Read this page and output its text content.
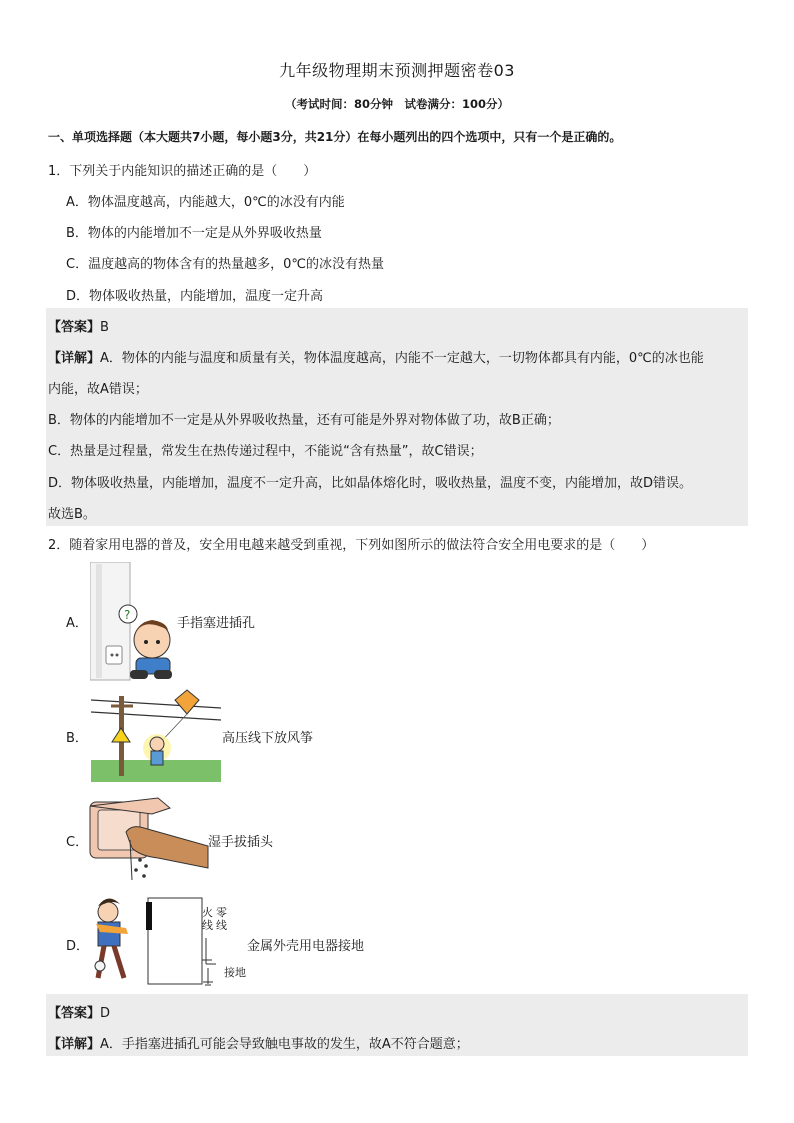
九年级物理期末预测押题密卷03
（考试时间：80分钟　试卷满分：100分）
一、单项选择题（本大题共7小题，每小题3分，共21分）在每小题列出的四个选项中，只有一个是正确的。
1．下列关于内能知识的描述正确的是（　　）
A．物体温度越高，内能越大，0℃的冰没有内能
B．物体的内能增加不一定是从外界吸收热量
C．温度越高的物体含有的热量越多，0℃的冰没有热量
D．物体吸收热量，内能增加，温度一定升高
【答案】B
【详解】A．物体的内能与温度和质量有关，物体温度越高，内能不一定越大，一切物体都具有内能，0℃的冰也能
内能，故A错误；
B．物体的内能增加不一定是从外界吸收热量，还有可能是外界对物体做了功，故B正确；
C．热量是过程量，常发生在热传递过程中，不能说“含有热量”，故C错误；
D．物体吸收热量，内能增加，温度不一定升高，比如晶体熔化时，吸收热量，温度不变，内能增加，故D错误。
故选B。
2．随着家用电器的普及，安全用电越来越受到重视，下列如图所示的做法符合安全用电要求的是（　　）
A．
?
手指塞进插孔
B．	高压线下放风筝
C．	湿手拔插头
D．
火线
零线
接地
金属外壳用电器接地
【答案】D
【详解】A．手指塞进插孔可能会导致触电事故的发生，故A不符合题意；
